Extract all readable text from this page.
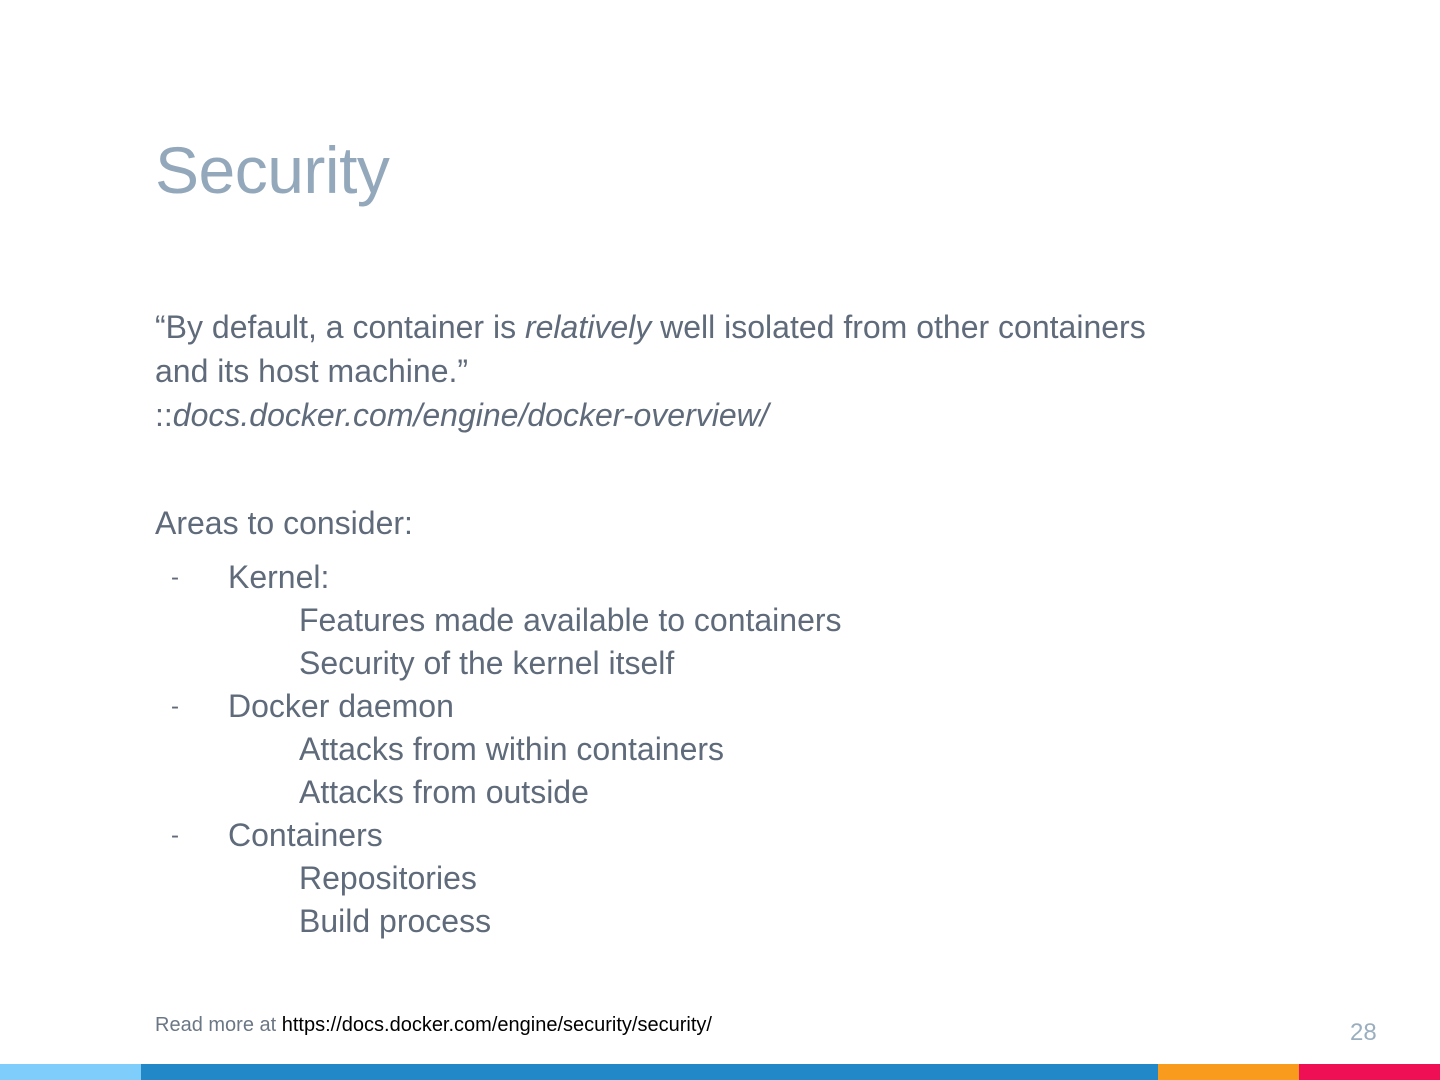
Security
“By default, a container is relatively well isolated from other containers and its host machine.”
::docs.docker.com/engine/docker-overview/
Areas to consider:
- Kernel:
Features made available to containers
Security of the kernel itself
- Docker daemon
Attacks from within containers
Attacks from outside
- Containers
Repositories
Build process
Read more at https://docs.docker.com/engine/security/security/	28
